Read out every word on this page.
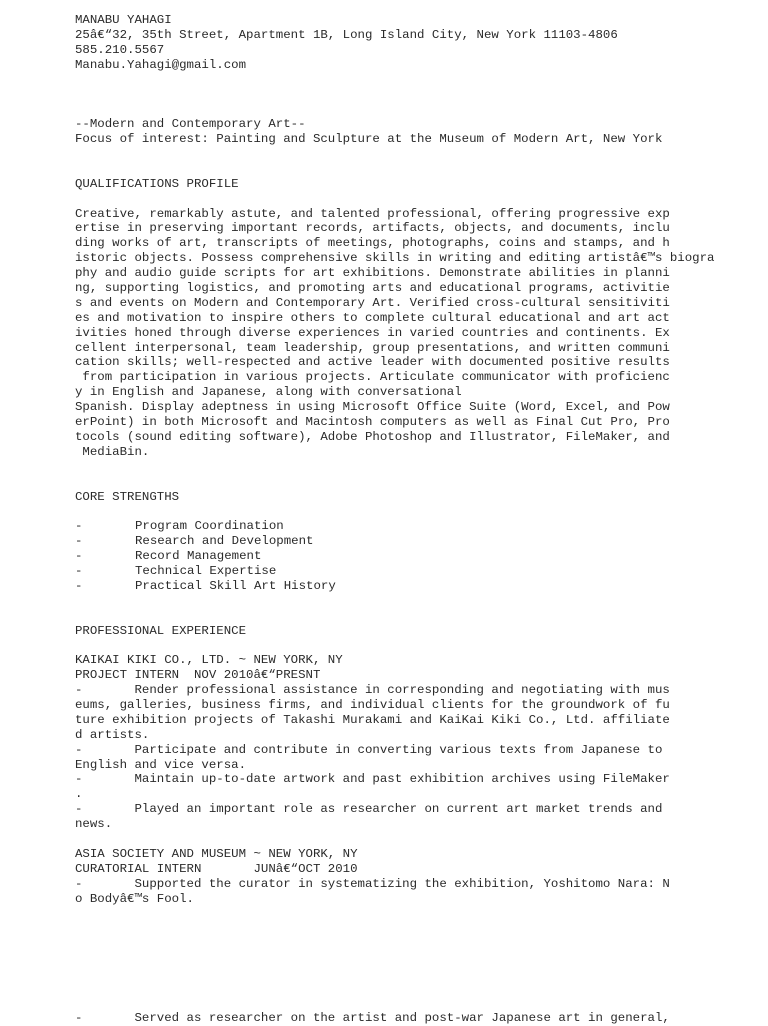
MANABU YAHAGI
25â€“32, 35th Street, Apartment 1B, Long Island City, New York 11103-4806
585.210.5567
Manabu.Yahagi@gmail.com
--Modern and Contemporary Art--
Focus of interest: Painting and Sculpture at the Museum of Modern Art, New York
QUALIFICATIONS PROFILE
Creative, remarkably astute, and talented professional, offering progressive exp
ertise in preserving important records, artifacts, objects, and documents, inclu
ding works of art, transcripts of meetings, photographs, coins and stamps, and h
istoric objects. Possess comprehensive skills in writing and editing artistâ€™s biogra
phy and audio guide scripts for art exhibitions. Demonstrate abilities in planni
ng, supporting logistics, and promoting arts and educational programs, activitie
s and events on Modern and Contemporary Art. Verified cross-cultural sensitiviti
es and motivation to inspire others to complete cultural educational and art act
ivities honed through diverse experiences in varied countries and continents. Ex
cellent interpersonal, team leadership, group presentations, and written communi
cation skills; well-respected and active leader with documented positive results
from participation in various projects. Articulate communicator with proficienc
y in English and Japanese, along with conversational
Spanish. Display adeptness in using Microsoft Office Suite (Word, Excel, and Pow
erPoint) in both Microsoft and Macintosh computers as well as Final Cut Pro, Pro
tocols (sound editing software), Adobe Photoshop and Illustrator, FileMaker, and
MediaBin.
CORE STRENGTHS
-	Program Coordination
-	Research and Development
-	Record Management
-	Technical Expertise
-	Practical Skill Art History
PROFESSIONAL EXPERIENCE
KAIKAI KIKI CO., LTD. ~ NEW YORK, NY
PROJECT INTERN  NOV 2010â€“PRESNT
-       Render professional assistance in corresponding and negotiating with mus
eums, galleries, business firms, and individual clients for the groundwork of fu
ture exhibition projects of Takashi Murakami and KaiKai Kiki Co., Ltd. affiliate
d artists.
-       Participate and contribute in converting various texts from Japanese to
English and vice versa.
-       Maintain up-to-date artwork and past exhibition archives using FileMaker
.
-       Played an important role as researcher on current art market trends and
news.
ASIA SOCIETY AND MUSEUM ~ NEW YORK, NY
CURATORIAL INTERN       JUNâ€“OCT 2010
-       Supported the curator in systematizing the exhibition, Yoshitomo Nara: N
o Bodyâ€™s Fool.
-       Served as researcher on the artist and post-war Japanese art in general,
